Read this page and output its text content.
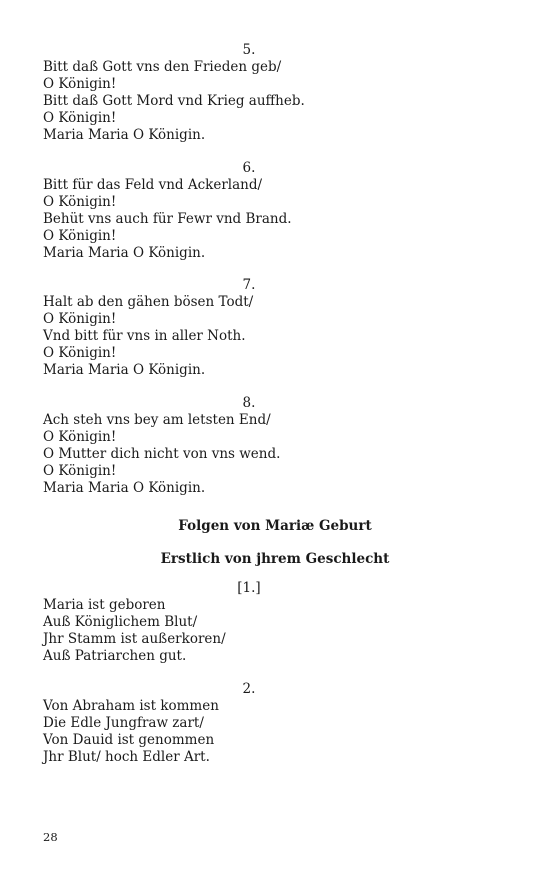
5.
Bitt daß Gott vns den Frieden geb/
O Königin!
Bitt daß Gott Mord vnd Krieg auffheb.
O Königin!
Maria Maria O Königin.
6.
Bitt für das Feld vnd Ackerland/
O Königin!
Behüt vns auch für Fewr vnd Brand.
O Königin!
Maria Maria O Königin.
7.
Halt ab den gähen bösen Todt/
O Königin!
Vnd bitt für vns in aller Noth.
O Königin!
Maria Maria O Königin.
8.
Ach steh vns bey am letsten End/
O Königin!
O Mutter dich nicht von vns wend.
O Königin!
Maria Maria O Königin.
Folgen von Mariæ Geburt
Erstlich von jhrem Geschlecht
[1.]
Maria ist geboren
Auß Königlichem Blut/
Jhr Stamm ist außerkoren/
Auß Patriarchen gut.
2.
Von Abraham ist kommen
Die Edle Jungfraw zart/
Von Dauid ist genommen
Jhr Blut/ hoch Edler Art.
28
